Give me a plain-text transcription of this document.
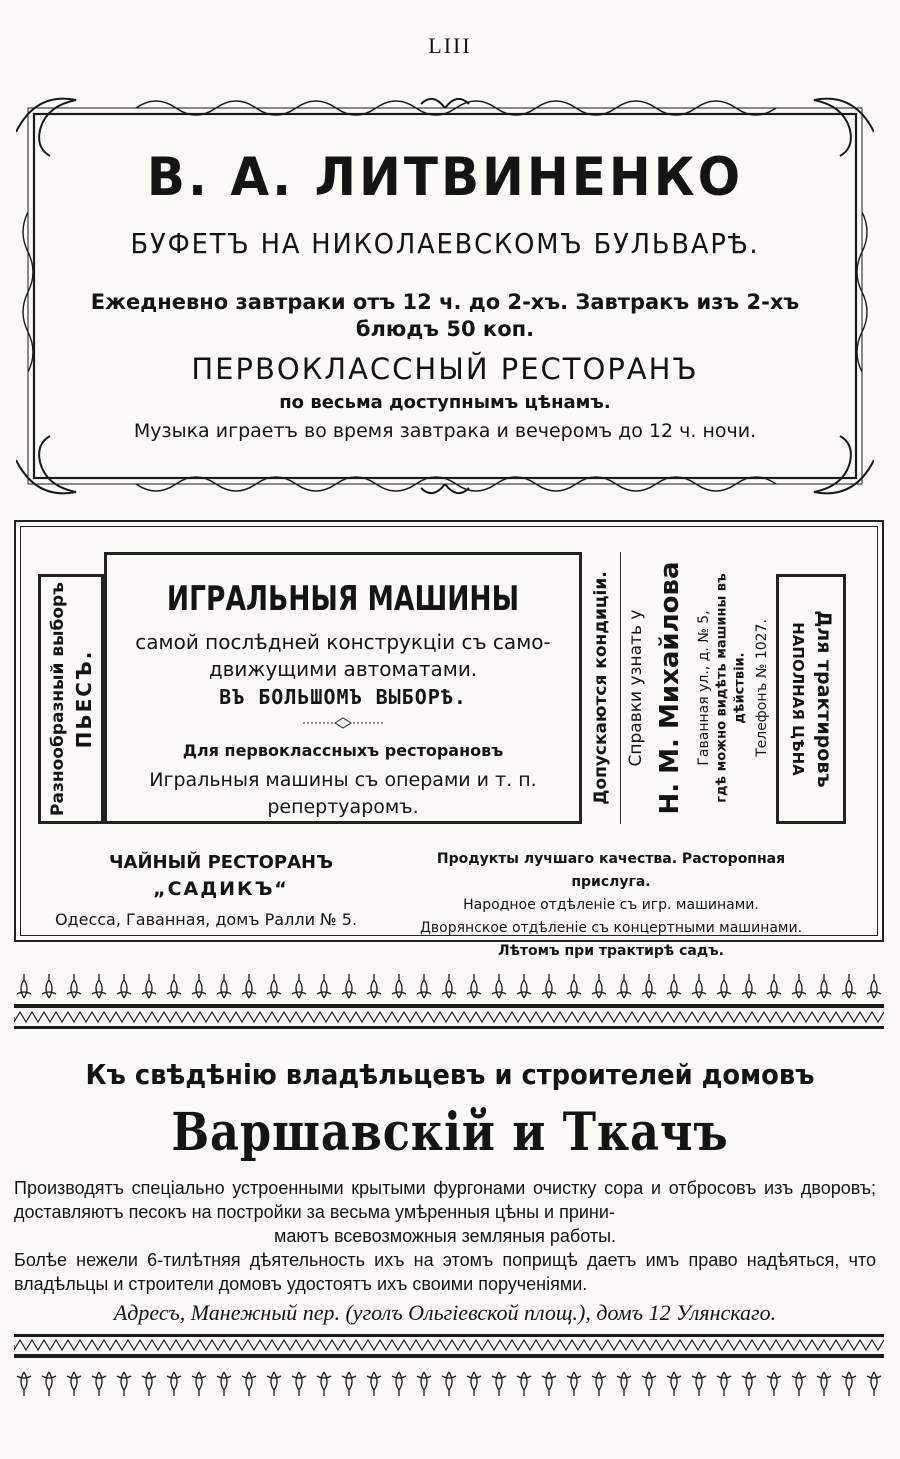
LIII
В. А. ЛИТВИНЕНКО
БУФЕТЪ НА НИКОЛАЕВСКОМЪ БУЛЬВАРѢ.
Ежедневно завтраки отъ 12 ч. до 2-хъ. Завтракъ изъ 2-хъ
блюдъ 50 коп.
ПЕРВОКЛАССНЫЙ РЕСТОРАНЪ
по весьма доступнымъ цѣнамъ.
Музыка играетъ во время завтрака и вечеромъ до 12 ч. ночи.
Разнообразный выборъ ПЬЕСЪ.
ИГРАЛЬНЫЯ МАШИНЫ
самой послѣдней конструкціи съ само-
движущими автоматами.
ВЪ БОЛЬШОМЪ ВЫБОРѢ.
Для первоклассныхъ ресторановъ
Игральныя машины съ операми и т. п.
репертуаромъ.
Допускаются кондиціи. Справки узнать у Н. М. Михайлова Гаванная ул., д. № 5, гдѣ можно видѣть машины въ дѣйствіи. Телефонъ № 1027. Для трактировъ
НАПОЛНАЯ ЦѢНА
ЧАЙНЫЙ РЕСТОРАНЪ
„САДИКЪ“
Одесса, Гаванная, домъ Ралли № 5.
Продукты лучшаго качества. Расторопная прислуга.
Народное отдѣленіе съ игр. машинами.
Дворянское отдѣленіе съ концертными машинами.
Лѣтомъ при трактирѣ садъ.
Къ свѣдѣнію владѣльцевъ и строителей домовъ
Варшавскій и Ткачъ

Производятъ спеціально устроенными крытыми фургонами очистку сора и отбросовъ изъ дворовъ; доставляютъ песокъ на постройки за весьма умѣренныя цѣны и прини-

маютъ всевозможныя земляныя работы.

Болѣе нежели 6-тилѣтняя дѣятельность ихъ на этомъ поприщѣ даетъ имъ право надѣяться, что владѣльцы и строители домовъ удостоятъ ихъ своими порученіями.

Адресъ, Манежный пер. (уголъ Ольгіевской площ.), домъ 12 Улянскаго.
